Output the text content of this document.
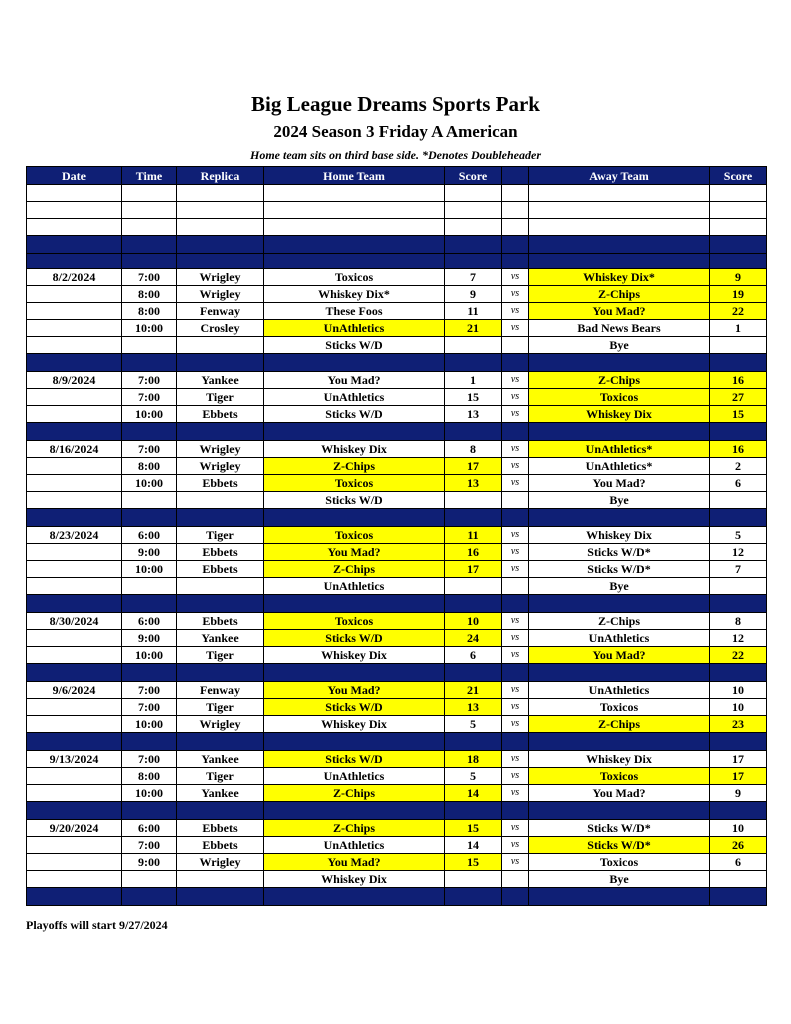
Big League Dreams Sports Park
2024 Season 3 Friday A American
Home team sits on third base side. *Denotes Doubleheader
Date	Time	Replica	Home Team	Score		Away Team	Score

8/2/2024	7:00	Wrigley	Toxicos	7	vs	Whiskey Dix*	9
	8:00	Wrigley	Whiskey Dix*	9	vs	Z-Chips	19
	8:00	Fenway	These Foos	11	vs	You Mad?	22
	10:00	Crosley	UnAthletics	21	vs	Bad News Bears	1
			Sticks W/D			Bye	

8/9/2024	7:00	Yankee	You Mad?	1	vs	Z-Chips	16
	7:00	Tiger	UnAthletics	15	vs	Toxicos	27
	10:00	Ebbets	Sticks W/D	13	vs	Whiskey Dix	15

8/16/2024	7:00	Wrigley	Whiskey Dix	8	vs	UnAthletics*	16
	8:00	Wrigley	Z-Chips	17	vs	UnAthletics*	2
	10:00	Ebbets	Toxicos	13	vs	You Mad?	6
			Sticks W/D			Bye	

8/23/2024	6:00	Tiger	Toxicos	11	vs	Whiskey Dix	5
	9:00	Ebbets	You Mad?	16	vs	Sticks W/D*	12
	10:00	Ebbets	Z-Chips	17	vs	Sticks W/D*	7
			UnAthletics			Bye	

8/30/2024	6:00	Ebbets	Toxicos	10	vs	Z-Chips	8
	9:00	Yankee	Sticks W/D	24	vs	UnAthletics	12
	10:00	Tiger	Whiskey Dix	6	vs	You Mad?	22

9/6/2024	7:00	Fenway	You Mad?	21	vs	UnAthletics	10
	7:00	Tiger	Sticks W/D	13	vs	Toxicos	10
	10:00	Wrigley	Whiskey Dix	5	vs	Z-Chips	23

9/13/2024	7:00	Yankee	Sticks W/D	18	vs	Whiskey Dix	17
	8:00	Tiger	UnAthletics	5	vs	Toxicos	17
	10:00	Yankee	Z-Chips	14	vs	You Mad?	9

9/20/2024	6:00	Ebbets	Z-Chips	15	vs	Sticks W/D*	10
	7:00	Ebbets	UnAthletics	14	vs	Sticks W/D*	26
	9:00	Wrigley	You Mad?	15	vs	Toxicos	6
			Whiskey Dix			Bye	

Playoffs will start 9/27/2024
